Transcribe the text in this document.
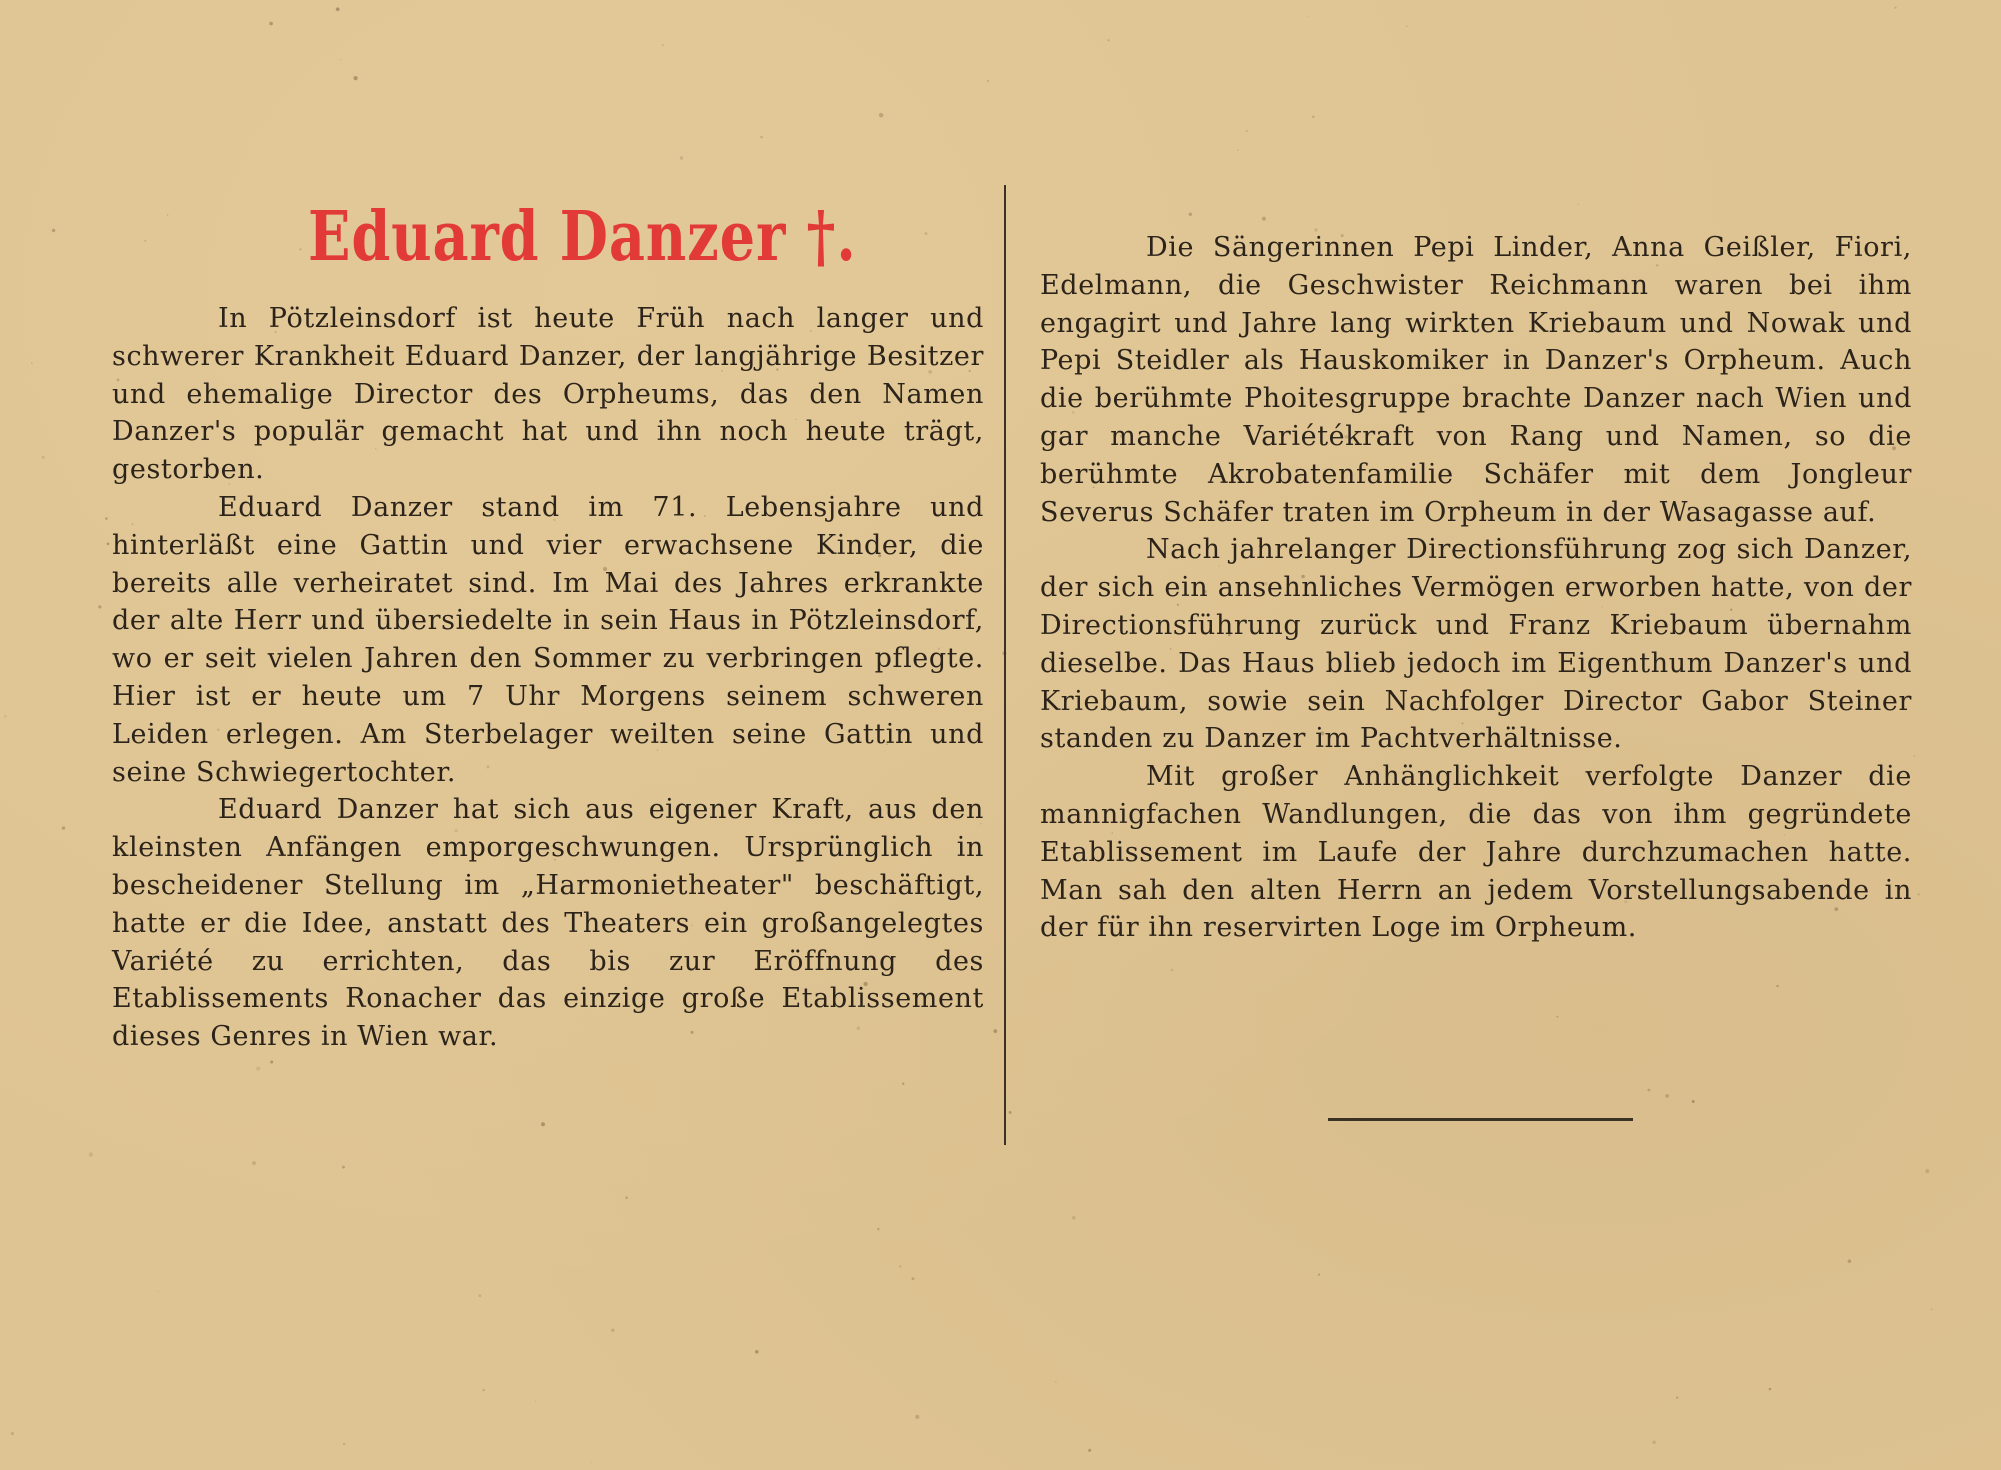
Eduard Danzer †.

In Pötzleinsdorf ist heute Früh nach langer und schwerer Krankheit Eduard Danzer, der langjährige Besitzer und ehemalige Director des Orpheums, das den Namen Danzer's populär gemacht hat und ihn noch heute trägt, gestorben.

Eduard Danzer stand im 71. Lebensjahre und hinterläßt eine Gattin und vier erwachsene Kinder, die bereits alle verheiratet sind. Im Mai des Jahres erkrankte der alte Herr und übersiedelte in sein Haus in Pötzleinsdorf, wo er seit vielen Jahren den Sommer zu verbringen pflegte. Hier ist er heute um 7 Uhr Morgens seinem schweren Leiden erlegen. Am Sterbelager weilten seine Gattin und seine Schwiegertochter.

Eduard Danzer hat sich aus eigener Kraft, aus den kleinsten Anfängen emporgeschwungen. Ursprünglich in bescheidener Stellung im „Harmonietheater" beschäftigt, hatte er die Idee, anstatt des Theaters ein großangelegtes Variété zu errichten, das bis zur Eröffnung des Etablissements Ronacher das einzige große Etablissement dieses Genres in Wien war.

Die Sängerinnen Pepi Linder, Anna Geißler, Fiori, Edelmann, die Geschwister Reichmann waren bei ihm engagirt und Jahre lang wirkten Kriebaum und Nowak und Pepi Steidler als Hauskomiker in Danzer's Orpheum. Auch die berühmte Phoitesgruppe brachte Danzer nach Wien und gar manche Variétékraft von Rang und Namen, so die berühmte Akrobatenfamilie Schäfer mit dem Jongleur Severus Schäfer traten im Orpheum in der Wasagasse auf.

Nach jahrelanger Directionsführung zog sich Danzer, der sich ein ansehnliches Vermögen erworben hatte, von der Directionsführung zurück und Franz Kriebaum übernahm dieselbe. Das Haus blieb jedoch im Eigenthum Danzer's und Kriebaum, sowie sein Nachfolger Director Gabor Steiner standen zu Danzer im Pachtverhältnisse.

Mit großer Anhänglichkeit verfolgte Danzer die mannigfachen Wandlungen, die das von ihm gegründete Etablissement im Laufe der Jahre durchzumachen hatte. Man sah den alten Herrn an jedem Vorstellungsabende in der für ihn reservirten Loge im Orpheum.
